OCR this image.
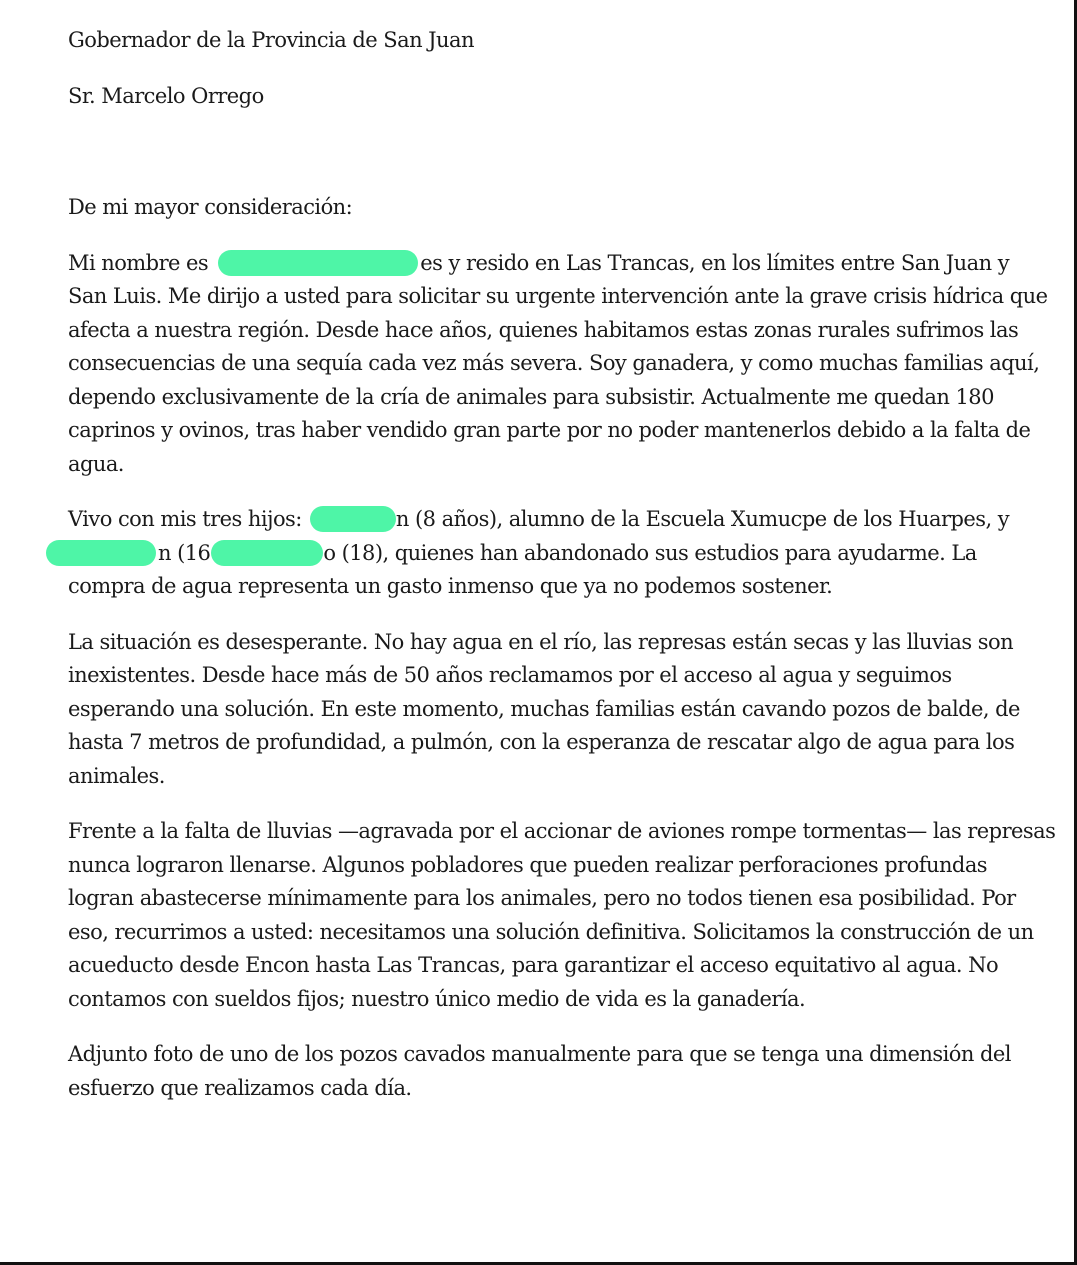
Gobernador de la Provincia de San Juan

Sr. Marcelo Orrego

De mi mayor consideración:

Mi nombre es	es y resido en Las Trancas, en los límites entre San Juan y
San Luis. Me dirijo a usted para solicitar su urgente intervención ante la grave crisis hídrica que afecta a nuestra región. Desde hace años, quienes habitamos estas zonas rurales sufrimos las consecuencias de una sequía cada vez más severa. Soy ganadera, y como muchas familias aquí, dependo exclusivamente de la cría de animales para subsistir. Actualmente me quedan 180 caprinos y ovinos, tras haber vendido gran parte por no poder mantenerlos debido a la falta de agua.

Vivo con mis tres hijos:	n (8 años), alumno de la Escuela Xumucpe de los Huarpes, y
n (16	o (18), quienes han abandonado sus estudios para ayudarme. La
compra de agua representa un gasto inmenso que ya no podemos sostener.

La situación es desesperante. No hay agua en el río, las represas están secas y las lluvias son inexistentes. Desde hace más de 50 años reclamamos por el acceso al agua y seguimos esperando una solución. En este momento, muchas familias están cavando pozos de balde, de hasta 7 metros de profundidad, a pulmón, con la esperanza de rescatar algo de agua para los animales.

Frente a la falta de lluvias —agravada por el accionar de aviones rompe tormentas— las represas nunca lograron llenarse. Algunos pobladores que pueden realizar perforaciones profundas logran abastecerse mínimamente para los animales, pero no todos tienen esa posibilidad. Por eso, recurrimos a usted: necesitamos una solución definitiva. Solicitamos la construcción de un acueducto desde Encon hasta Las Trancas, para garantizar el acceso equitativo al agua. No contamos con sueldos fijos; nuestro único medio de vida es la ganadería.

Adjunto foto de uno de los pozos cavados manualmente para que se tenga una dimensión del esfuerzo que realizamos cada día.
